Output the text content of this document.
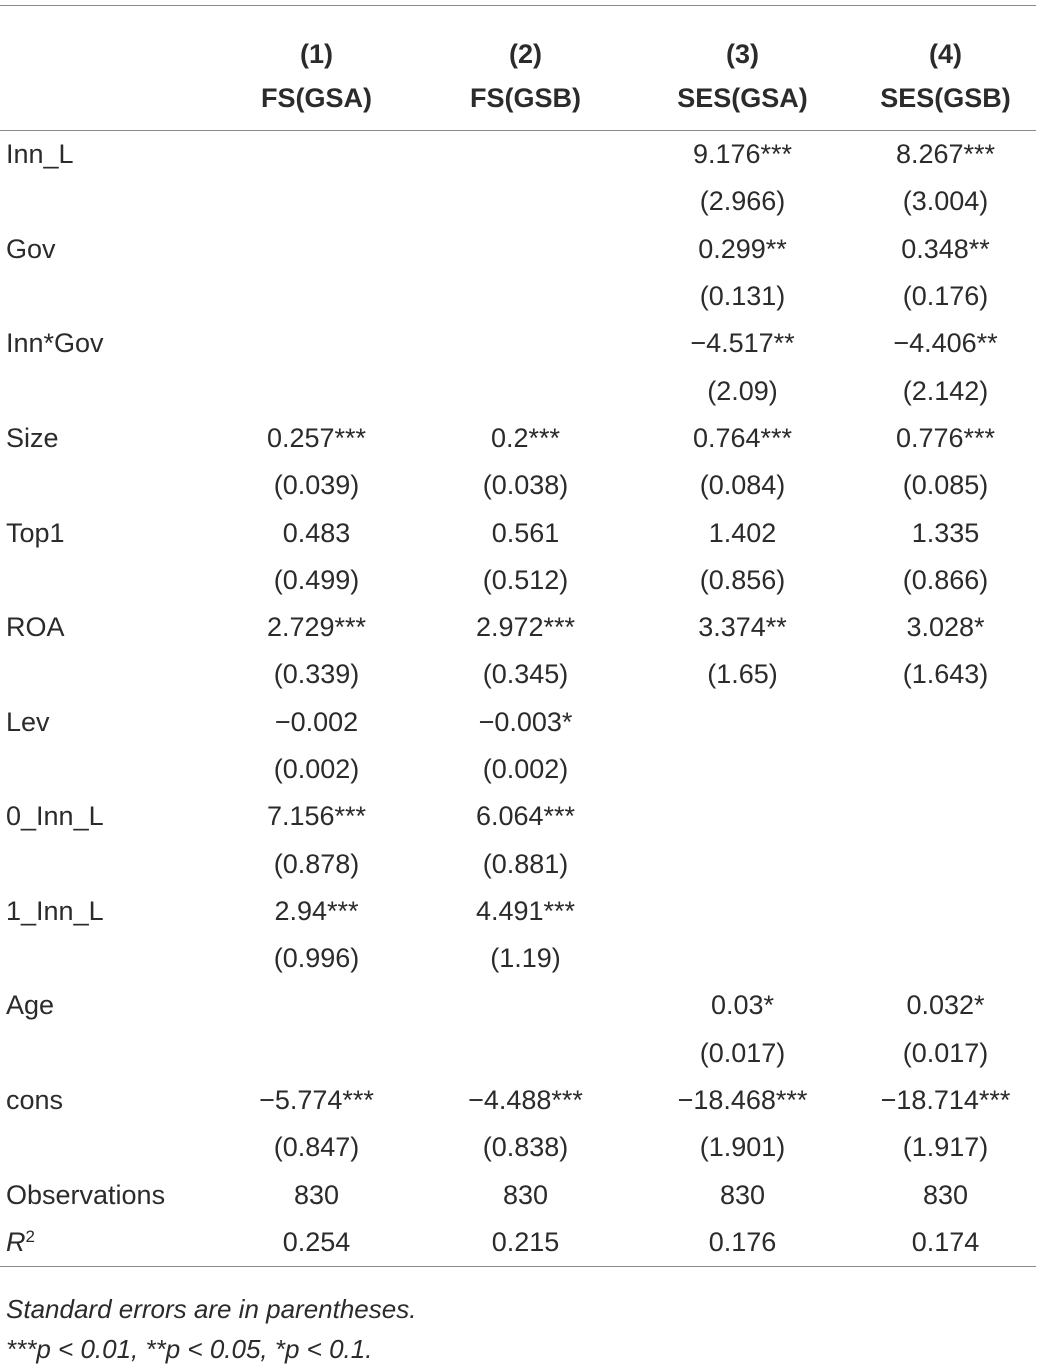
	(1)	(2)	(3)	(4)
	FS(GSA)	FS(GSB)	SES(GSA)	SES(GSB)
Inn_L			9.176***	8.267***
			(2.966)	(3.004)
Gov			0.299**	0.348**
			(0.131)	(0.176)
Inn*Gov			−4.517**	−4.406**
			(2.09)	(2.142)
Size	0.257***	0.2***	0.764***	0.776***
	(0.039)	(0.038)	(0.084)	(0.085)
Top1	0.483	0.561	1.402	1.335
	(0.499)	(0.512)	(0.856)	(0.866)
ROA	2.729***	2.972***	3.374**	3.028*
	(0.339)	(0.345)	(1.65)	(1.643)
Lev	−0.002	−0.003*		
	(0.002)	(0.002)		
0_Inn_L	7.156***	6.064***		
	(0.878)	(0.881)		
1_Inn_L	2.94***	4.491***		
	(0.996)	(1.19)		
Age			0.03*	0.032*
			(0.017)	(0.017)
cons	−5.774***	−4.488***	−18.468***	−18.714***
	(0.847)	(0.838)	(1.901)	(1.917)
Observations	830	830	830	830
$R^2$	0.254	0.215	0.176	0.174
Standard errors are in parentheses.
***p < 0.01, **p < 0.05, *p < 0.1.
